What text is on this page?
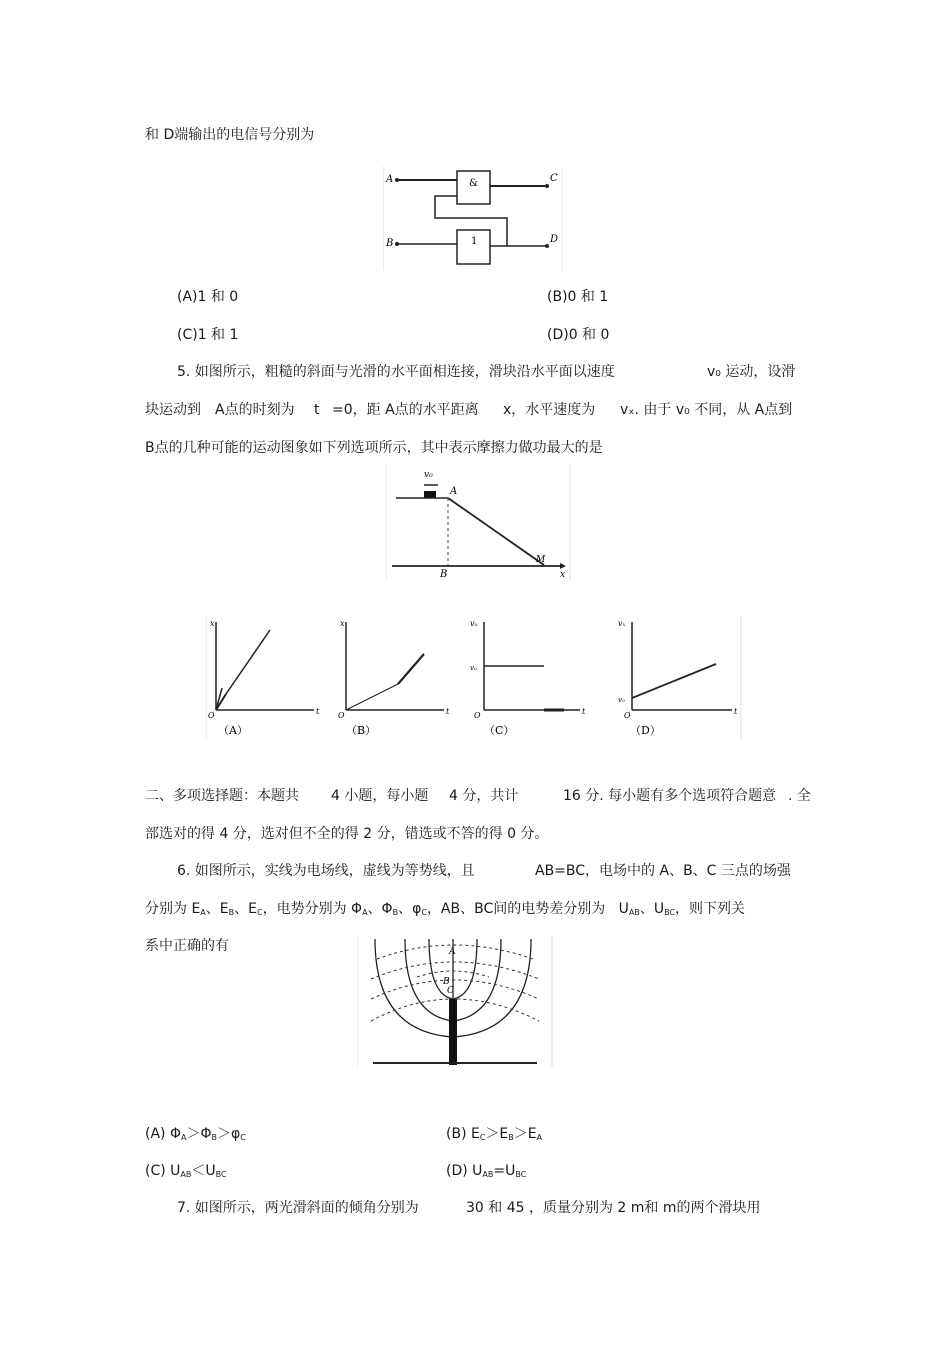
和 D端输出的电信号分别为
A	&	C
B	1	D
(A)1 和 0	(B)0 和 1
(C)1 和 1	(D)0 和 0
5. 如图所示，粗糙的斜面与光滑的水平面相连接，滑块沿水平面以速度	v₀ 运动，设滑
块运动到 A点的时刻为 t =0，距 A点的水平距离 x，水平速度为 vₓ. 由于 v₀ 不同，从 A点到
B点的几种可能的运动图象如下列选项所示，其中表示摩擦力做功最大的是
v₀
A
M
x
B
x
t
O
（A）
x
t
O
（B）
vₓ
t
O
v₀
（C）
vₓ
t
O
v₀
（D）
二、多项选择题：本题共 4 小题，每小题 4 分，共计	16 分. 每小题有多个选项符合题意 . 全
部选对的得 4 分，选对但不全的得 2 分，错选或不答的得 0 分。
6. 如图所示，实线为电场线，虚线为等势线，且	AB=BC，电场中的 A、B、C 三点的场强
分别为 $E_A$、$E_B$、$E_C$，电势分别为 $\Phi_A$、$\Phi_B$、$\varphi_C$，AB、BC间的电势差分别为 $U_{AB}$、$U_{BC}$，则下列关
系中正确的有	A
B
C
(A) $\Phi_A>\Phi_B>\varphi_C$	(B) $E_C>E_B>E_A$
(C) $U_{AB}<U_{BC}$	(D) $U_{AB}=U_{BC}$
7. 如图所示，两光滑斜面的倾角分别为	30 和 45 ，质量分别为 2 m和 m的两个滑块用
